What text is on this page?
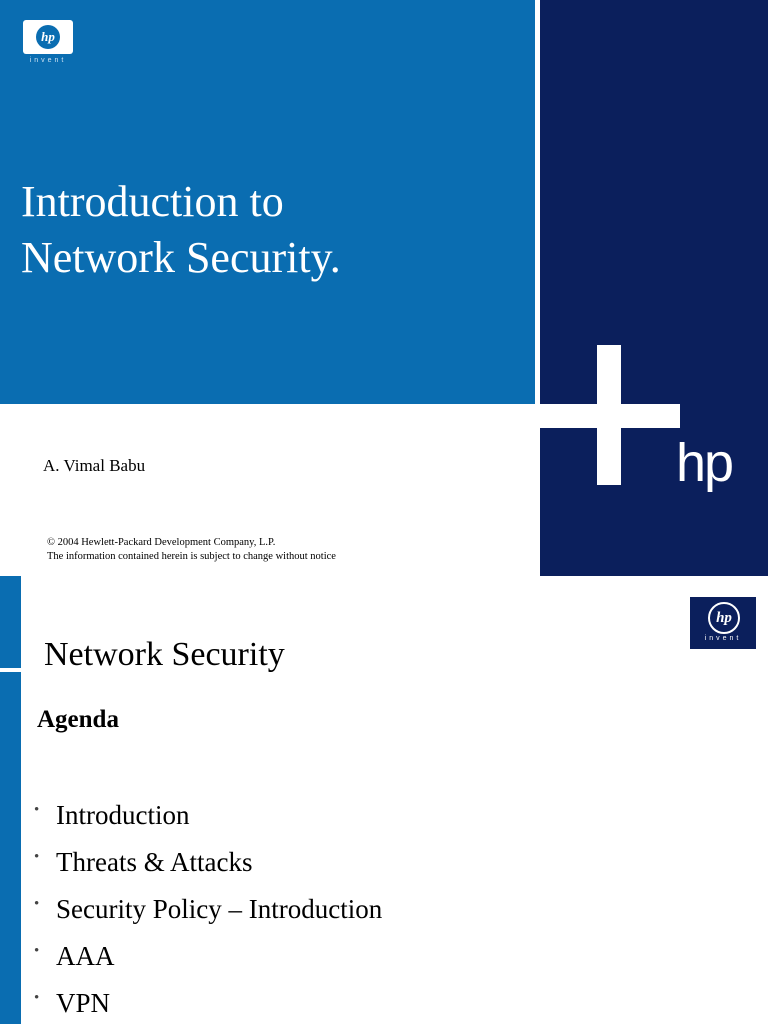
hp
invent
Introduction to
Network Security.
hp
A. Vimal Babu
© 2004 Hewlett-Packard Development Company, L.P.
The information contained herein is subject to change without notice
hp
invent
Network Security
Agenda
• Introduction
• Threats & Attacks
• Security Policy – Introduction
• AAA
• VPN
